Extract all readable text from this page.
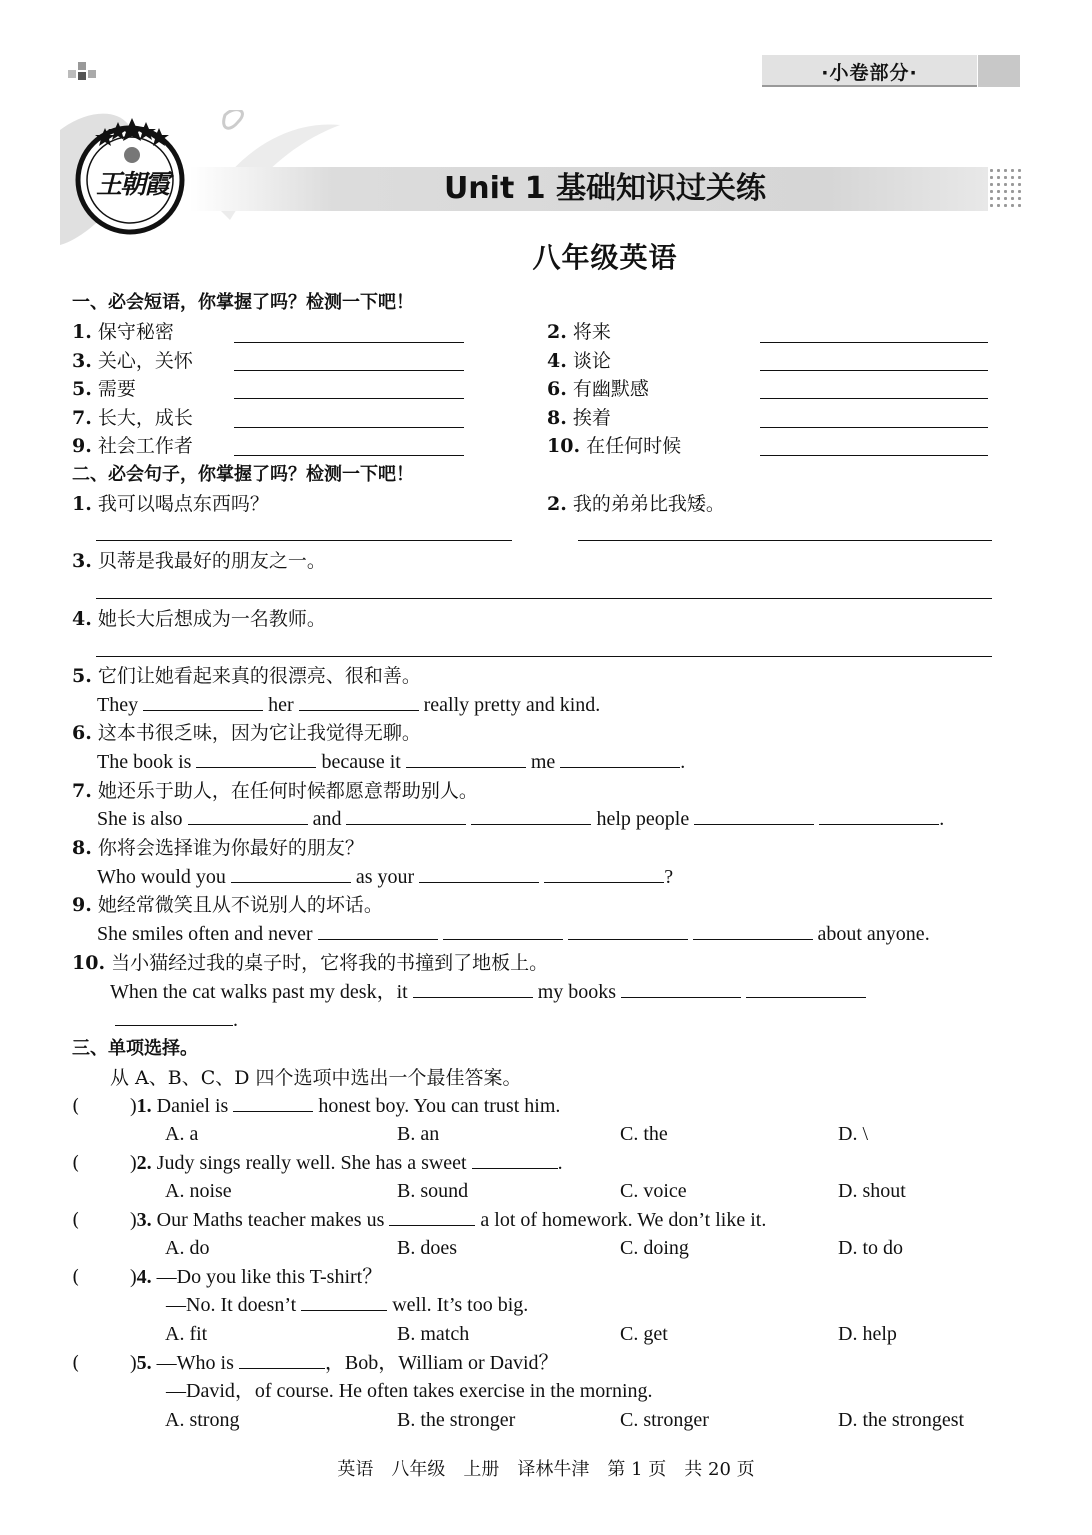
·小卷部分·
王朝霞	Unit 1 基础知识过关练
八年级英语
一、必会短语，你掌握了吗？检测一下吧！
1. 保守秘密	2. 将来
3. 关心，关怀	4. 谈论
5. 需要	6. 有幽默感
7. 长大，成长	8. 挨着
9. 社会工作者	10. 在任何时候
二、必会句子，你掌握了吗？检测一下吧！
1. 我可以喝点东西吗？	2. 我的弟弟比我矮。
3. 贝蒂是我最好的朋友之一。
4. 她长大后想成为一名教师。
5. 它们让她看起来真的很漂亮、很和善。
They	her	really pretty and kind.
6. 这本书很乏味，因为它让我觉得无聊。
The book is	because it	me	.
7. 她还乐于助人，在任何时候都愿意帮助别人。
She is also	and	help people	.
8. 你将会选择谁为你最好的朋友？
Who would you	as your	?
9. 她经常微笑且从不说别人的坏话。
She smiles often and never	about anyone.
10. 当小猫经过我的桌子时，它将我的书撞到了地板上。
When the cat walks past my desk，it	my books
.
三、单项选择。
从 A、B、C、D 四个选项中选出一个最佳答案。
(	)1. Daniel is	honest boy. You can trust him.
A. a	B. an	C. the	D. \
(	)2. Judy sings really well. She has a sweet	.
A. noise	B. sound	C. voice	D. shout
(	)3. Our Maths teacher makes us	a lot of homework. We don’t like it.
A. do	B. does	C. doing	D. to do
(	)4. —Do you like this T-shirt？
—No. It doesn’t	well. It’s too big.
A. fit	B. match	C. get	D. help
(	)5. —Who is	，Bob，William or David？
—David，of course. He often takes exercise in the morning.
A. strong	B. the stronger	C. stronger	D. the strongest
英语　八年级　上册　译林牛津　第 1 页　共 20 页
